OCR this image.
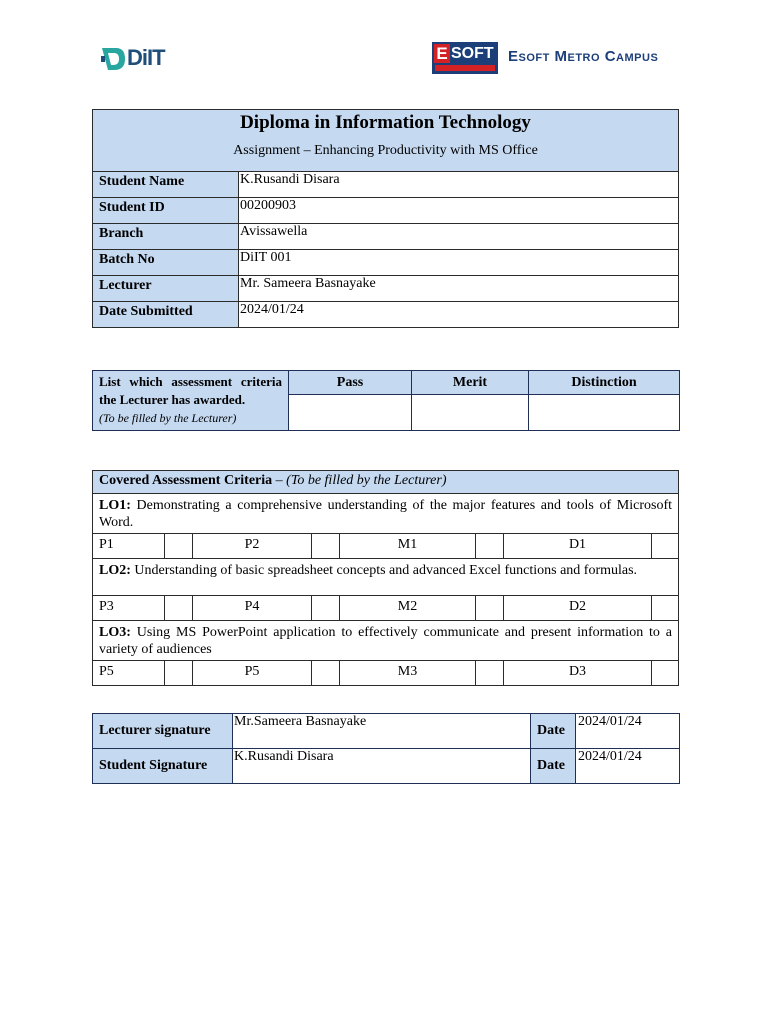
DiIT	E SOFT Esoft Metro Campus
Diploma in Information Technology
Assignment – Enhancing Productivity with MS Office	

Student Name	K.Rusandi Disara
Student ID	00200903
Branch	Avissawella
Batch No	DiIT 001
Lecturer	Mr. Sameera Basnayake
Date Submitted	2024/01/24
List which assessment criteria the Lecturer has awarded.
(To be filled by the Lecturer)	Pass	Merit	Distinction

Covered Assessment Criteria – (To be filled by the Lecturer)							
LO1: Demonstrating a comprehensive understanding of the major features and tools of Microsoft Word.							
P1		P2		M1		D1	
LO2: Understanding of basic spreadsheet concepts and advanced Excel functions and formulas.							
P3		P4		M2		D2	
LO3: Using MS PowerPoint application to effectively communicate and present information to a variety of audiences							
P5		P5		M3		D3	
Lecturer signature	Mr.Sameera Basnayake	Date	2024/01/24
Student Signature	K.Rusandi Disara	Date	2024/01/24
